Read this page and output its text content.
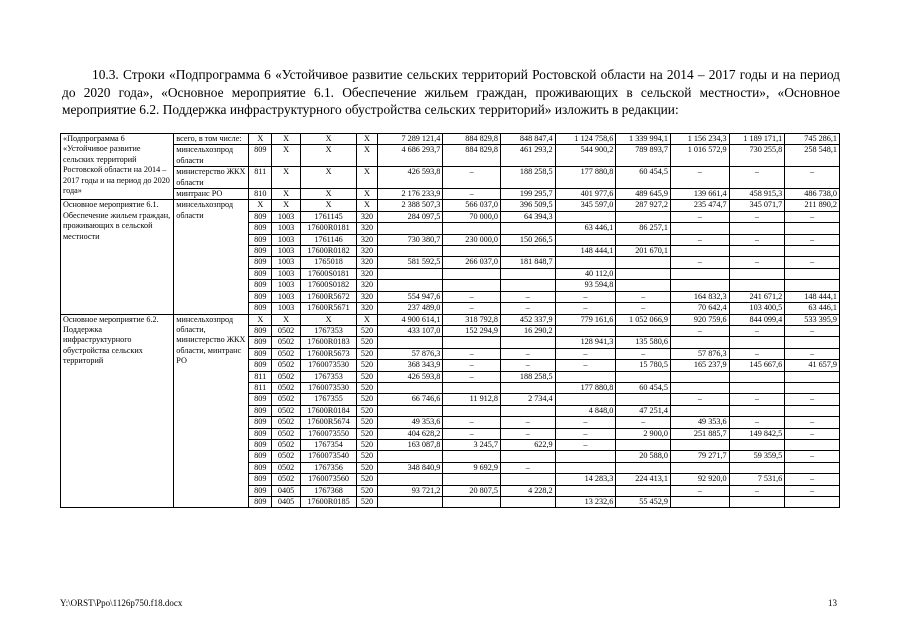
10.3. Строки «Подпрограмма 6 «Устойчивое развитие сельских территорий Ростовской области на 2014 – 2017 годы и на период до 2020 года», «Основное мероприятие 6.1. Обеспечение жильем граждан, проживающих в сельской местности», «Основное мероприятие 6.2. Поддержка инфраструктурного обустройства сельских территорий» изложить в редакции:

«Подпрограмма 6 «Устойчивое развитие сельских территорий Ростовской области на 2014 – 2017 годы и на период до 2020 года»	всего, в том числе:	X	X	X	X	7 289 121,4	884 829,8	848 847,4	1 124 758,6	1 339 994,1	1 156 234,3	1 189 171,1	745 286,1
	минсельхозпрод области	809	X	X	X	4 686 293,7	884 829,8	461 293,2	544 900,2	789 893,7	1 016 572,9	730 255,8	258 548,1
	министерство ЖКХ области	811	X	X	X	426 593,8	–	188 258,5	177 880,8	60 454,5	–	–	–
	минтранс РО	810	X	X	X	2 176 233,9	–	199 295,7	401 977,6	489 645,9	139 661,4	458 915,3	486 738,0
Основное мероприятие 6.1. Обеспечение жильем граждан, проживающих в сельской местности	минсельхозпрод области	X	X	X	X	2 388 507,3	566 037,0	396 509,5	345 597,0	287 927,2	235 474,7	345 071,7	211 890,2
		809	1003	1761145	320	284 097,5	70 000,0	64 394,3			–	–	–
		809	1003	17600R0181	320				63 446,1	86 257,1			
		809	1003	1761146	320	730 380,7	230 000,0	150 266,5			–	–	–
		809	1003	17600R0182	320				148 444,1	201 670,1			
		809	1003	1765018	320	581 592,5	266 037,0	181 848,7			–	–	–
		809	1003	17600S0181	320				40 112,0				
		809	1003	17600S0182	320				93 594,8				
		809	1003	17600R5672	320	554 947,6	–	–	–	–	164 832,3	241 671,2	148 444,1
		809	1003	17600R5671	320	237 489,0	–	–	–	–	70 642,4	103 400,5	63 446,1
Основное мероприятие 6.2. Поддержка инфраструктурного обустройства сельских территорий	минсельхозпрод области, министерство ЖКХ области, минтранс РО	X	X	X	X	4 900 614,1	318 792,8	452 337,9	779 161,6	1 052 066,9	920 759,6	844 099,4	533 395,9
		809	0502	1767353	520	433 107,0	152 294,9	16 290,2			–	–	–
		809	0502	17600R0183	520				128 941,3	135 580,6			
		809	0502	17600R5673	520	57 876,3	–	–	–	–	57 876,3	–	–
		809	0502	1760073530	520	368 343,9	–	–	–	15 780,5	165 237,9	145 667,6	41 657,9
		811	0502	1767353	520	426 593,8	–	188 258,5					
		811	0502	1760073530	520				177 880,8	60 454,5			
		809	0502	1767355	520	66 746,6	11 912,8	2 734,4			–	–	–
		809	0502	17600R0184	520				4 848,0	47 251,4			
		809	0502	17600R5674	520	49 353,6	–	–	–	–	49 353,6	–	–
		809	0502	1760073550	520	404 628,2	–	–	–	2 900,0	251 885,7	149 842,5	–
		809	0502	1767354	520	163 087,8	3 245,7	622,9	–				
		809	0502	1760073540	520					20 588,0	79 271,7	59 359,5	–
		809	0502	1767356	520	348 840,9	9 692,9	–					
		809	0502	1760073560	520				14 283,3	224 413,1	92 920,0	7 531,6	–
		809	0405	1767368	520	93 721,2	20 807,5	4 228,2			–	–	–
		809	0405	17600R0185	520				13 232,6	55 452,9			
Y:\ORST\Ppo\1126p750.f18.docx	13
